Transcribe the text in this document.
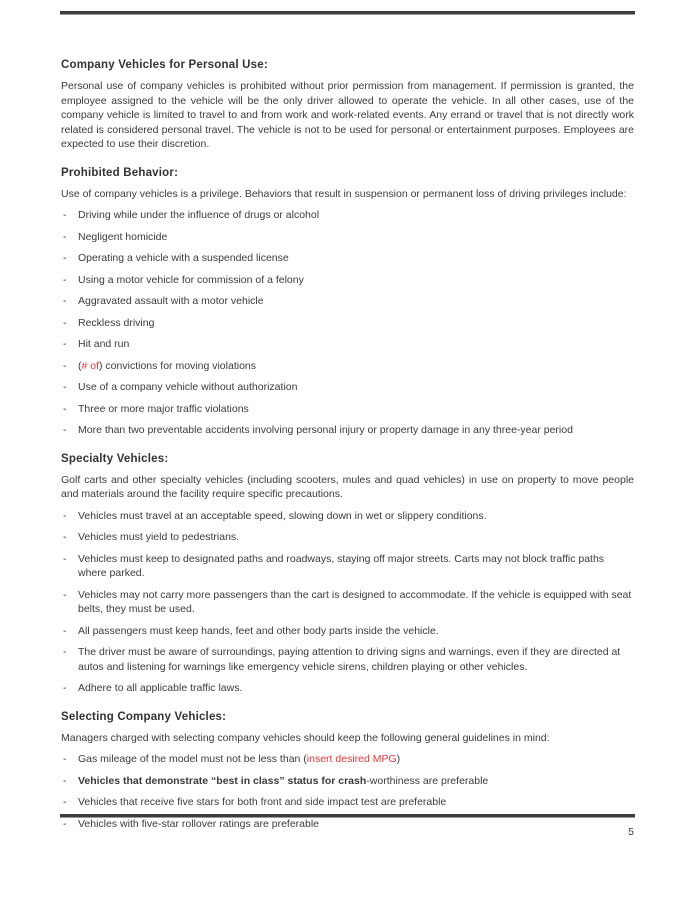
Company Vehicles for Personal Use:

Personal use of company vehicles is prohibited without prior permission from management. If permission is granted, the employee assigned to the vehicle will be the only driver allowed to operate the vehicle. In all other cases, use of the company vehicle is limited to travel to and from work and work-related events. Any errand or travel that is not directly work related is considered personal travel. The vehicle is not to be used for personal or entertainment purposes. Employees are expected to use their discretion.

Prohibited Behavior:

Use of company vehicles is a privilege. Behaviors that result in suspension or permanent loss of driving privileges include:

- Driving while under the influence of drugs or alcohol
- Negligent homicide
- Operating a vehicle with a suspended license
- Using a motor vehicle for commission of a felony
- Aggravated assault with a motor vehicle
- Reckless driving
- Hit and run
- (# of) convictions for moving violations
- Use of a company vehicle without authorization
- Three or more major traffic violations
- More than two preventable accidents involving personal injury or property damage in any three-year period
Specialty Vehicles:

Golf carts and other specialty vehicles (including scooters, mules and quad vehicles) in use on property to move people and materials around the facility require specific precautions.

- Vehicles must travel at an acceptable speed, slowing down in wet or slippery conditions.
- Vehicles must yield to pedestrians.
- Vehicles must keep to designated paths and roadways, staying off major streets. Carts may not block traffic paths where parked.
- Vehicles may not carry more passengers than the cart is designed to accommodate. If the vehicle is equipped with seat belts, they must be used.
- All passengers must keep hands, feet and other body parts inside the vehicle.
- The driver must be aware of surroundings, paying attention to driving signs and warnings, even if they are directed at autos and listening for warnings like emergency vehicle sirens, children playing or other vehicles.
- Adhere to all applicable traffic laws.
Selecting Company Vehicles:

Managers charged with selecting company vehicles should keep the following general guidelines in mind:

- Gas mileage of the model must not be less than (insert desired MPG)
- Vehicles that demonstrate “best in class” status for crash-worthiness are preferable
- Vehicles that receive five stars for both front and side impact test are preferable
- Vehicles with five-star rollover ratings are preferable
5
